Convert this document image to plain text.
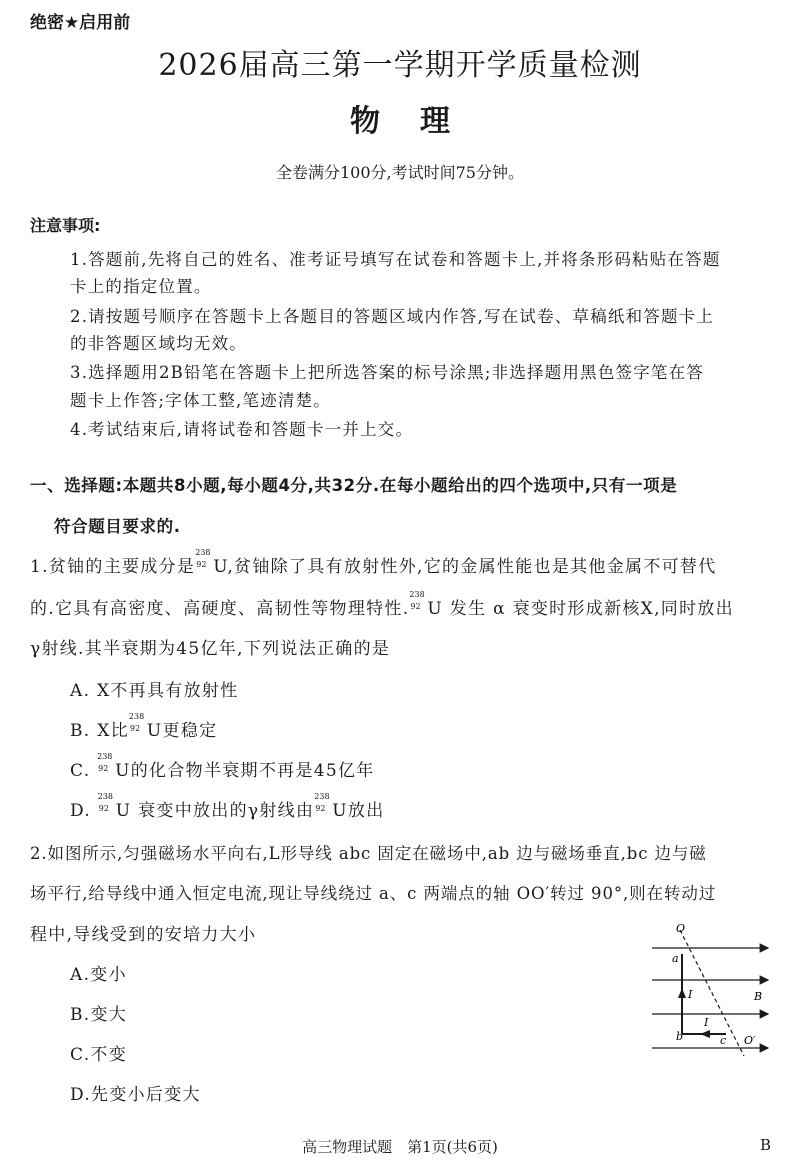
绝密★启用前
2026届高三第一学期开学质量检测
物理
全卷满分100分,考试时间75分钟。
注意事项:
1.答题前,先将自己的姓名、准考证号填写在试卷和答题卡上,并将条形码粘贴在答题
卡上的指定位置。
2.请按题号顺序在答题卡上各题目的答题区域内作答,写在试卷、草稿纸和答题卡上
的非答题区域均无效。
3.选择题用2B铅笔在答题卡上把所选答案的标号涂黑;非选择题用黑色签字笔在答
题卡上作答;字体工整,笔迹清楚。
4.考试结束后,请将试卷和答题卡一并上交。
一、选择题:本题共8小题,每小题4分,共32分.在每小题给出的四个选项中,只有一项是
符合题目要求的.
1.贫铀的主要成分是
238
92 U,贫铀除了具有放射性外,它的金属性能也是其他金属不可替代
的.它具有高密度、高硬度、高韧性等物理特性.
238
92 U 发生 α 衰变时形成新核X,同时放出
γ射线.其半衰期为45亿年,下列说法正确的是
A. X不再具有放射性
B. X比
238
92 U更稳定
C.
238
92 U的化合物半衰期不再是45亿年
D.
238
92 U 衰变中放出的γ射线由
238
92 U放出
2.如图所示,匀强磁场水平向右,L形导线 abc 固定在磁场中,ab 边与磁场垂直,bc 边与磁
场平行,给导线中通入恒定电流,现让导线绕过 a、c 两端点的轴 OO′转过 90°,则在转动过
程中,导线受到的安培力大小
A.变小
B.变大
C.不变
D.先变小后变大
O
a
I	B
b
I
c O′
高三物理试题　第1页(共6页)	B
